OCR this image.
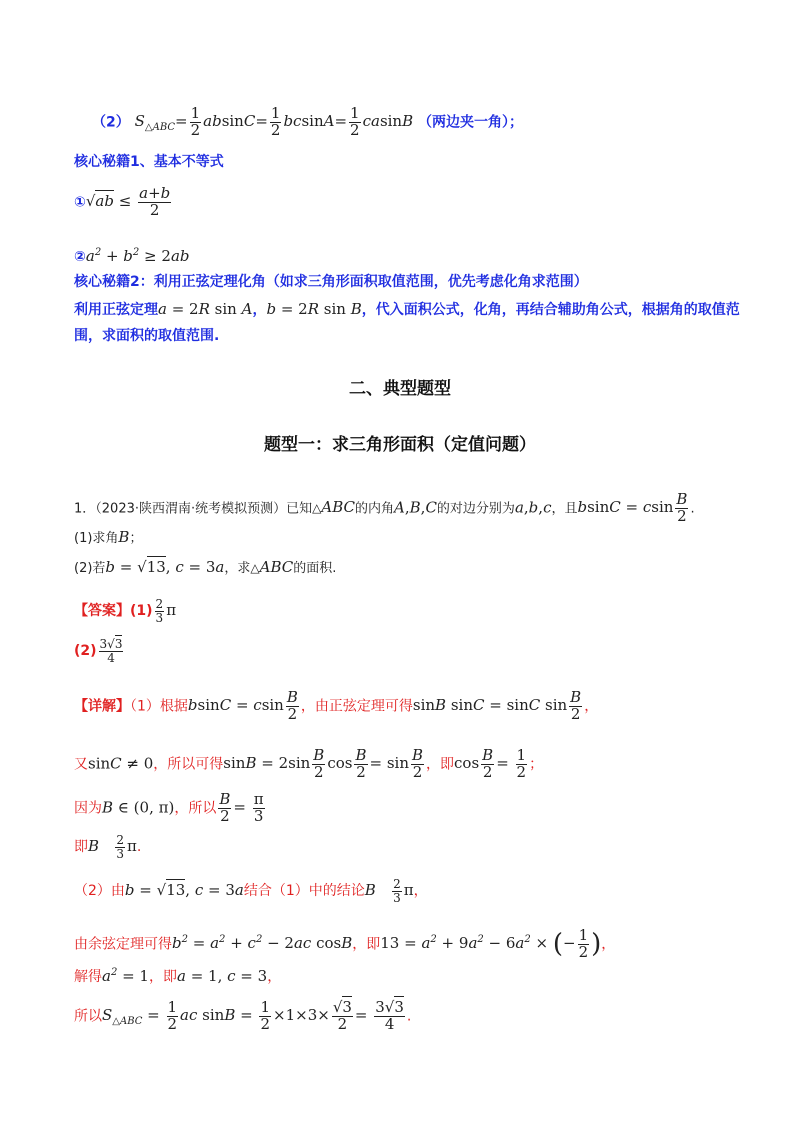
（2） $S_{\triangle ABC}= \frac{1}{2} absinC= \frac{1}{2} bcsinA= \frac{1}{2}$ casinB （两边夹一角）；
核心秘籍1、基本不等式
①√ab ≤ $\frac{a+b}{2}$
$②a^2 + b^2 \ge 2ab$
核心秘籍2：利用正弦定理化角（如求三角形面积取值范围，优先考虑化角求范围）
利用正弦定理a = 2R sin A，b = 2R sin B，代入面积公式，化角，再结合辅助角公式，根据角的取值范
围，求面积的取值范围.
二、典型题型
题型一：求三角形面积（定值问题）
1．（2023·陕西渭南·统考模拟预测）已知△ABC的内角A,B,C的对边分别为a,b,c，且bsinC = csin $\frac{B}{2}$ .
(1)求角B；
(2)若b = √13, c = 3a，求△ABC的面积.
【答案】$(1) \frac{2}{3}$ π
$(2) \frac{3√3}{4}$
【详解】（1）根据bsinC = csin $\frac{B}{2}$ ，由正弦定理可得sinB sinC = sinC $\sin \frac{B}{2}$ ，
又sinC ≠ 0，所以可得$\sin B = 2\sin \frac{B}{2}$ $\cos \frac{B}{2} = \sin \frac{B}{2}$ ，即$\cos \frac{B}{2} = \frac{1}{2}$ ；
因为B ∈ (0, π)，所以 $\frac{B}{2} = \frac{\pi}{3}$
即B $\frac{2}{3} \pi$.
（2）由b = √13, c = 3a结合（1）中的结论B $\frac{2}{3}$ π，
由余弦定理可得$b^2 = a^2 + c^2 - 2ac$ cosB，即$13 = a^2 + 9a^2 - 6a^2$ × (− $\frac{1}{2}$ )，
解得$a^2 = 1$，即a = 1, c = 3，
所以$S_{\triangle ABC} = \frac{1}{2}$ ac $\sin B = \frac{1}{2} \times 1\times 3\times \frac{√3}{2} = \frac{3√3}{4}$ .
